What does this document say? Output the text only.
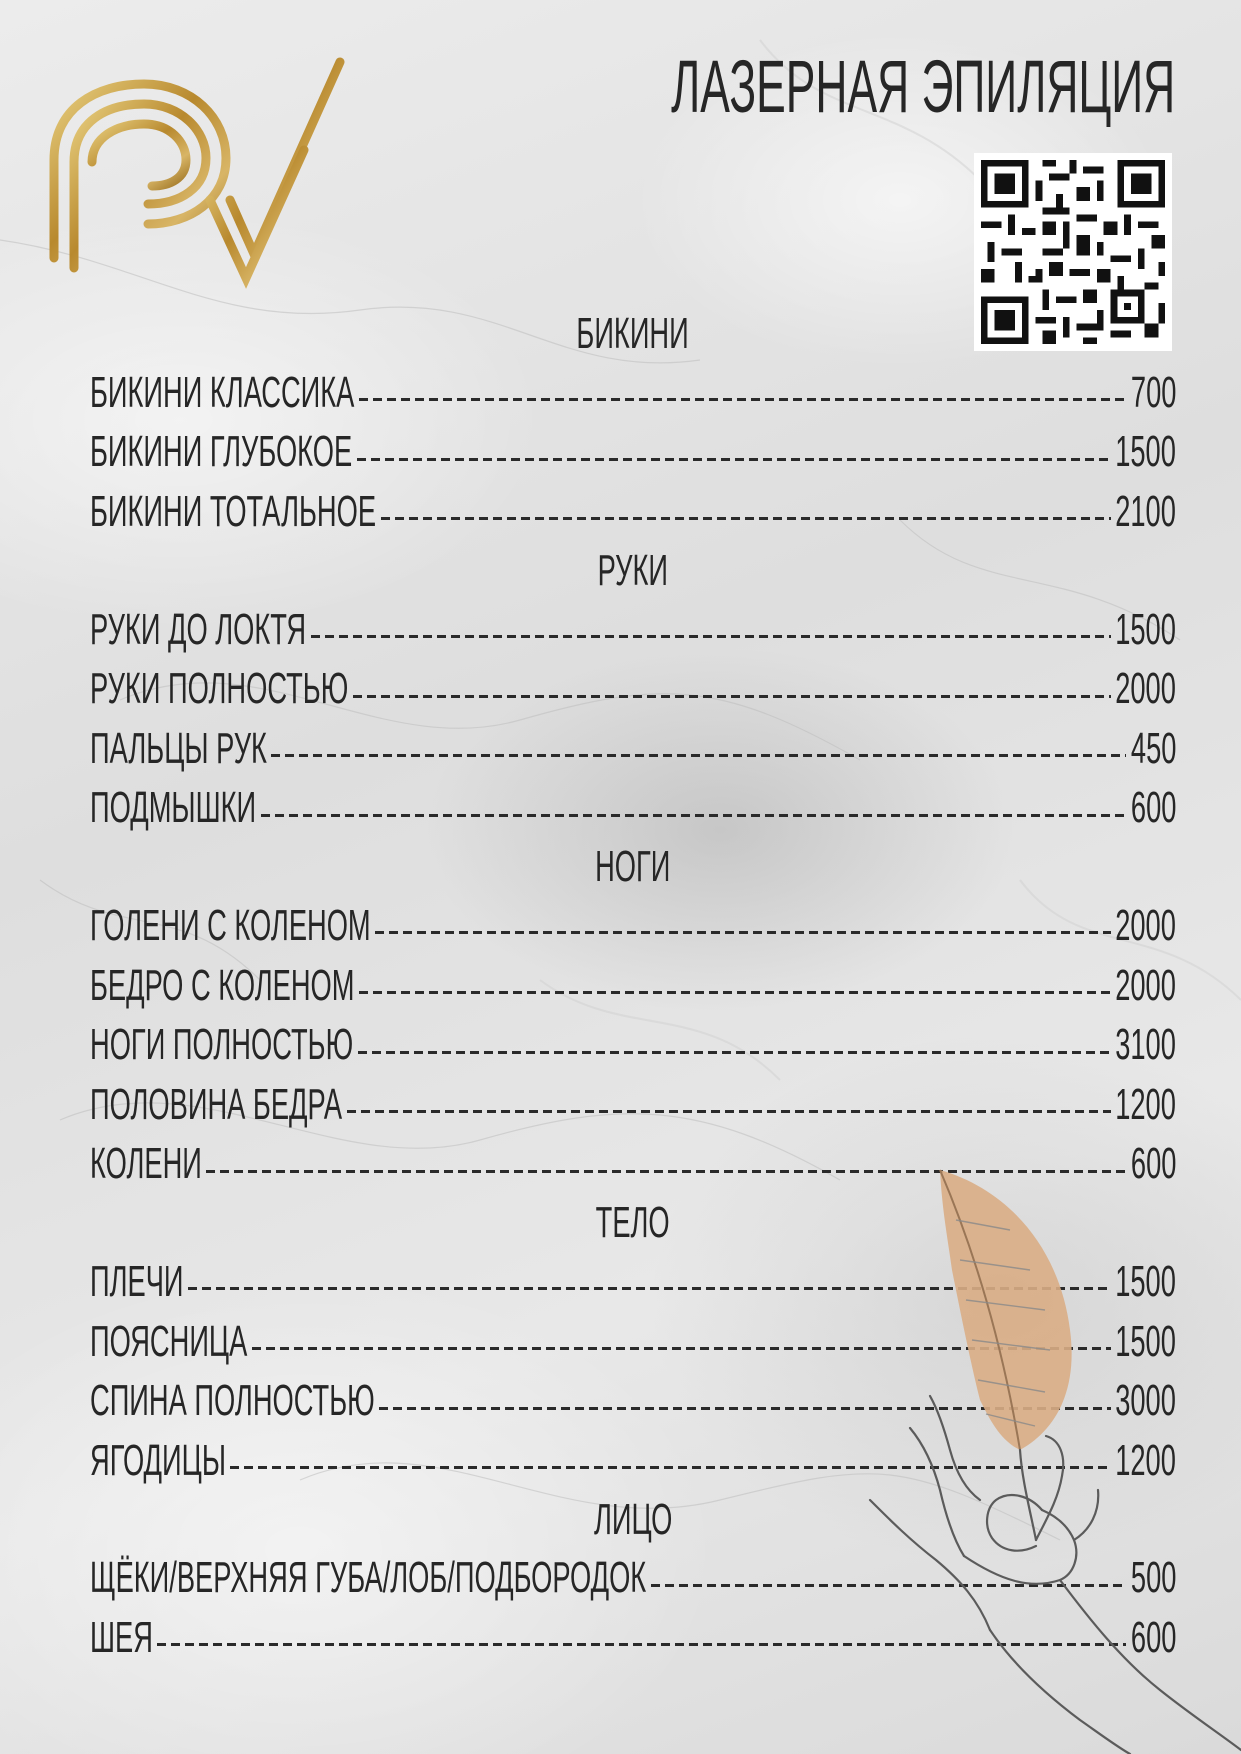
ЛАЗЕРНАЯ ЭПИЛЯЦИЯ
БИКИНИ
БИКИНИ КЛАССИКА	700
БИКИНИ ГЛУБОКОЕ	1500
БИКИНИ ТОТАЛЬНОЕ	2100
РУКИ
РУКИ ДО ЛОКТЯ	1500
РУКИ ПОЛНОСТЬЮ	2000
ПАЛЬЦЫ РУК	450
ПОДМЫШКИ	600
НОГИ
ГОЛЕНИ С КОЛЕНОМ	2000
БЕДРО С КОЛЕНОМ	2000
НОГИ ПОЛНОСТЬЮ	3100
ПОЛОВИНА БЕДРА	1200
КОЛЕНИ	600
ТЕЛО
ПЛЕЧИ	1500
ПОЯСНИЦА	1500
СПИНА ПОЛНОСТЬЮ	3000
ЯГОДИЦЫ	1200
ЛИЦО
ЩЁКИ/ВЕРХНЯЯ ГУБА/ЛОБ/ПОДБОРОДОК	500
ШЕЯ	600
